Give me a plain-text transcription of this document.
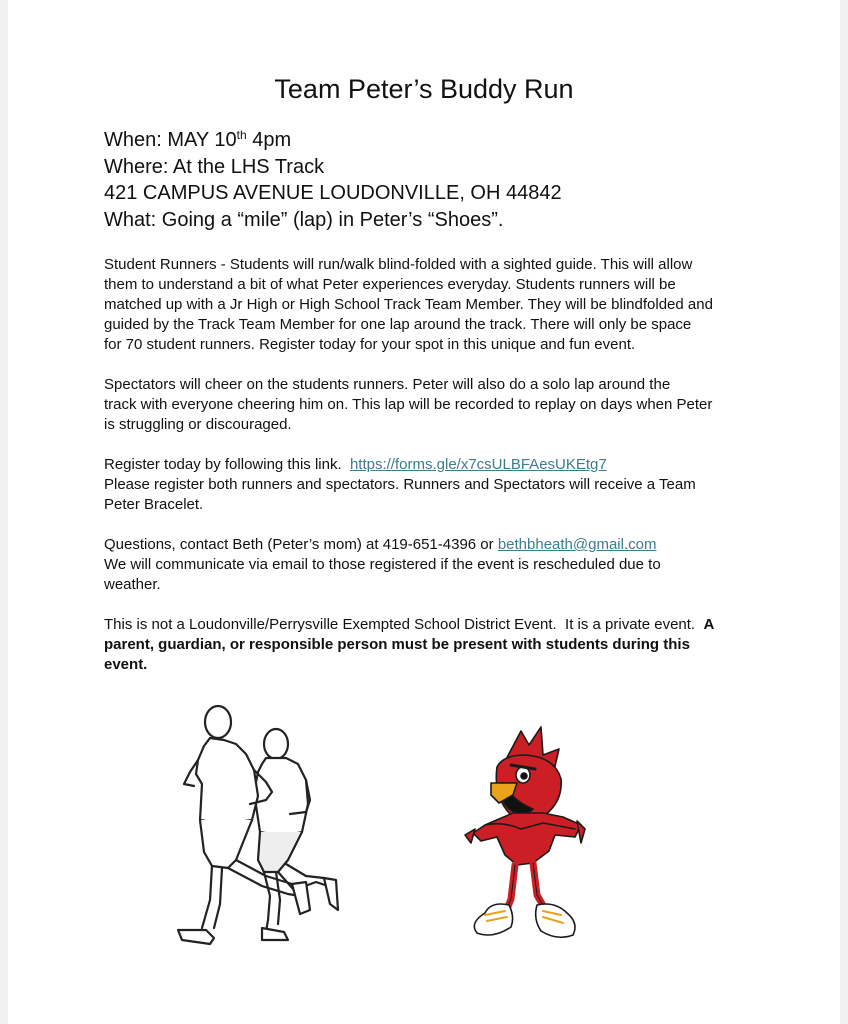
Team Peter’s Buddy Run
When: MAY 10th 4pm
Where: At the LHS Track
421 CAMPUS AVENUE LOUDONVILLE, OH 44842
What: Going a “mile” (lap) in Peter’s “Shoes”.
Student Runners - Students will run/walk blind-folded with a sighted guide. This will allow
them to understand a bit of what Peter experiences everyday. Students runners will be
matched up with a Jr High or High School Track Team Member. They will be blindfolded and
guided by the Track Team Member for one lap around the track. There will only be space
for 70 student runners. Register today for your spot in this unique and fun event.
Spectators will cheer on the students runners. Peter will also do a solo lap around the
track with everyone cheering him on. This lap will be recorded to replay on days when Peter
is struggling or discouraged.
Register today by following this link.  https://forms.gle/x7csULBFAesUKEtg7
Please register both runners and spectators. Runners and Spectators will receive a Team
Peter Bracelet.
Questions, contact Beth (Peter’s mom) at 419-651-4396 or bethbheath@gmail.com
We will communicate via email to those registered if the event is rescheduled due to
weather.
This is not a Loudonville/Perrysville Exempted School District Event.  It is a private event.  A
parent, guardian, or responsible person must be present with students during this
event.
